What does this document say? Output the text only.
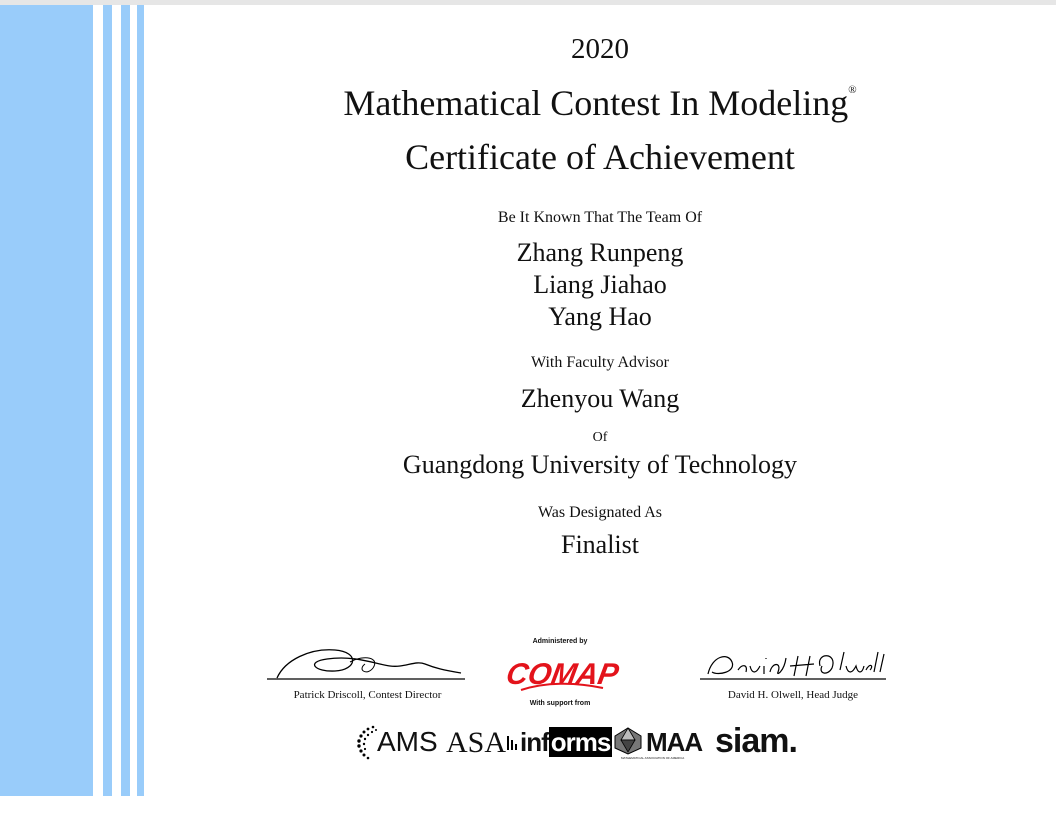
2020
Mathematical Contest In Modeling®
Certificate of Achievement
Be It Known That The Team Of
Zhang Runpeng
Liang Jiahao
Yang Hao
With Faculty Advisor
Zhenyou Wang
Of
Guangdong University of Technology
Was Designated As
Finalist
Patrick Driscoll, Contest Director
Administered by
COMAP
With support from
David H. Olwell, Head Judge
AMS ASA informs MAA
MATHEMATICAL ASSOCIATION OF AMERICA siam.
